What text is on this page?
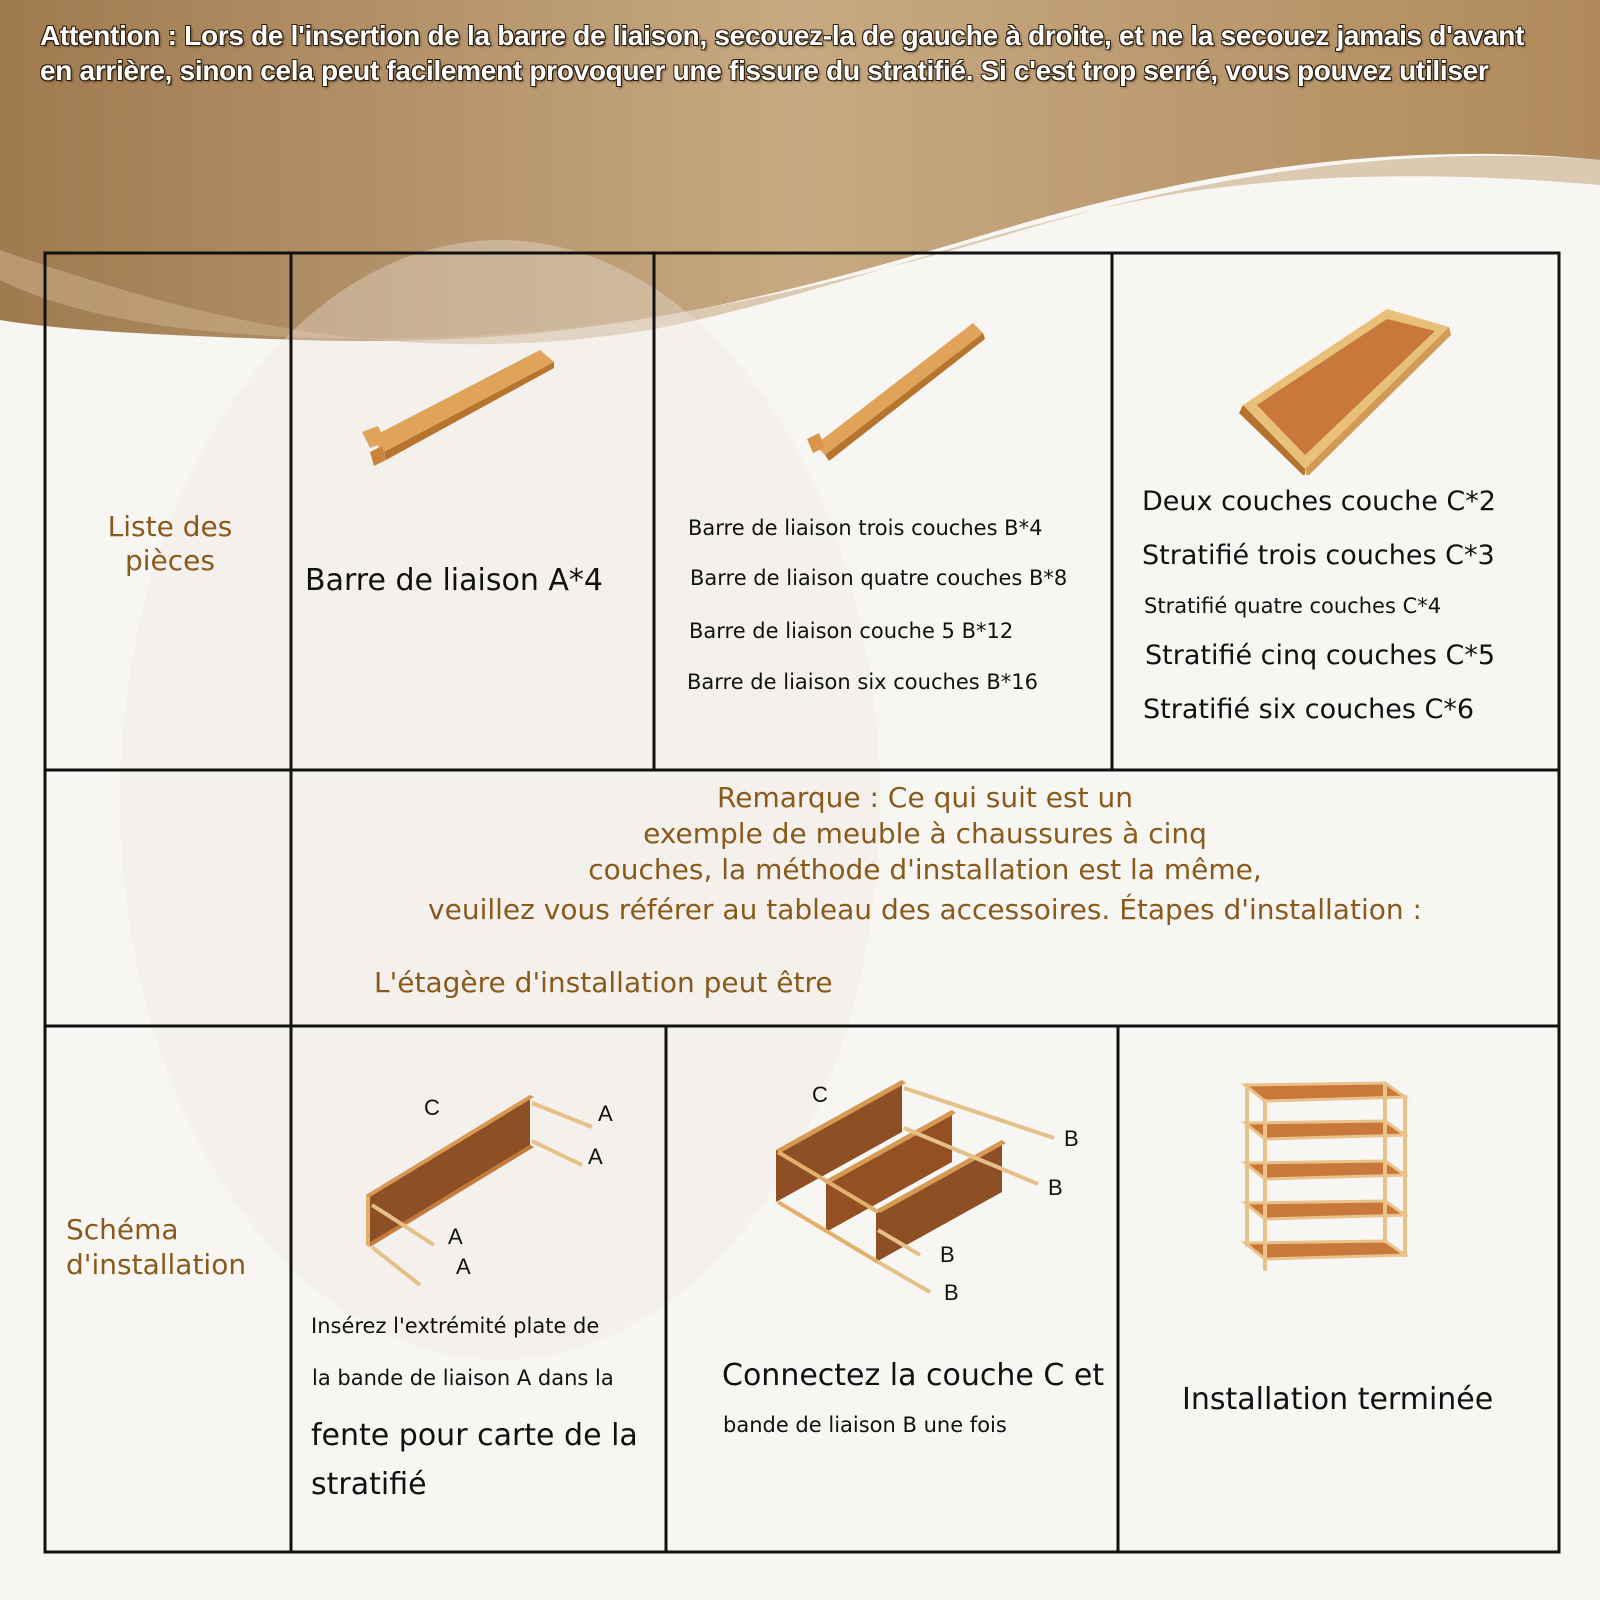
Attention : Lors de l'insertion de la barre de liaison, secouez-la de gauche à droite, et ne la secouez jamais d'avant en arrière, sinon cela peut facilement provoquer une fissure du stratifié. Si c'est trop serré, vous pouvez utiliser
Liste des pièces
Barre de liaison A*4
Barre de liaison trois couches B*4
Barre de liaison quatre couches B*8
Barre de liaison couche 5 B*12
Barre de liaison six couches B*16
Deux couches couche C*2
Stratifié trois couches C*3
Stratifié quatre couches C*4
Stratifié cinq couches C*5
Stratifié six couches C*6
Remarque : Ce qui suit est un
exemple de meuble à chaussures à cinq
couches, la méthode d'installation est la même,
veuillez vous référer au tableau des accessoires. Étapes d'installation :
L'étagère d'installation peut être
Schéma d'installation
C	A
A
A
A
Insérez l'extrémité plate de
la bande de liaison A dans la
fente pour carte de la
stratifié
C
B
B
B
B
Connectez la couche C et
bande de liaison B une fois
Installation terminée
